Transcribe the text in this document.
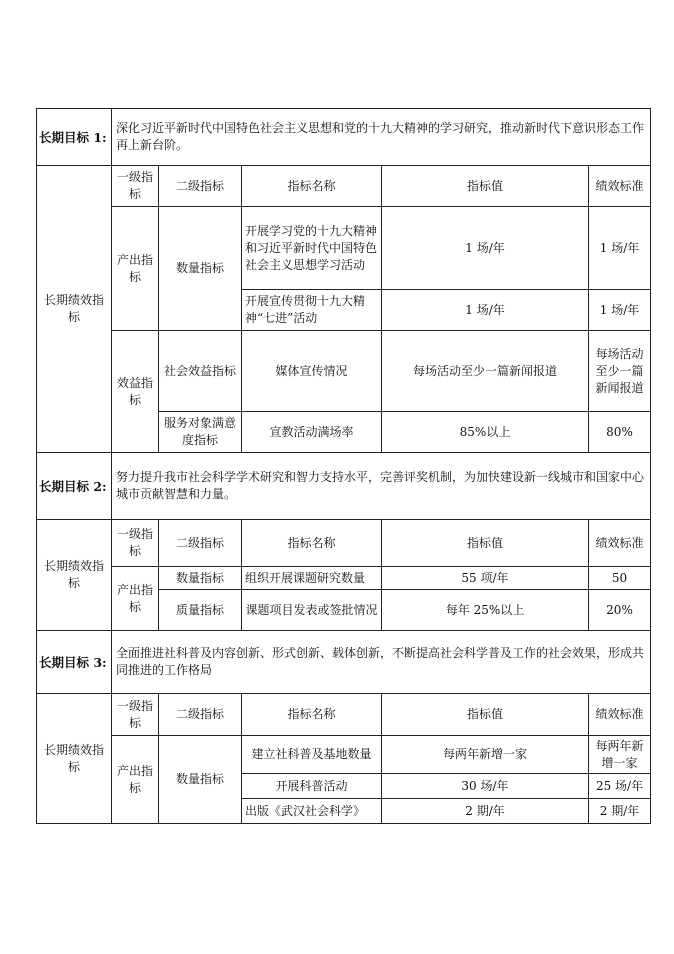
长期目标 1:	深化习近平新时代中国特色社会主义思想和党的十九大精神的学习研究，推动新时代下意识形态工作再上新台阶。				
长期绩效指标	一级指标	二级指标	指标名称	指标值	绩效标准
	产出指标	数量指标	开展学习党的十九大精神和习近平新时代中国特色社会主义思想学习活动	1 场/年	1 场/年
			开展宣传贯彻十九大精神“七进”活动	1 场/年	1 场/年
	效益指标	社会效益指标	媒体宣传情况	每场活动至少一篇新闻报道	每场活动至少一篇新闻报道
		服务对象满意度指标	宣教活动满场率	85%以上	80%

长期目标 2:	努力提升我市社会科学学术研究和智力支持水平，完善评奖机制，为加快建设新一线城市和国家中心城市贡献智慧和力量。				
长期绩效指标	一级指标	二级指标	指标名称	指标值	绩效标准
	产出指标	数量指标	组织开展课题研究数量	55 项/年	50
		质量指标	课题项目发表或签批情况	每年 25%以上	20%
长期目标 3:	全面推进社科普及内容创新、形式创新、载体创新，不断提高社会科学普及工作的社会效果，形成共同推进的工作格局				
长期绩效指标	一级指标	二级指标	指标名称	指标值	绩效标准
	产出指标	数量指标	建立社科普及基地数量	每两年新增一家	每两年新增一家
			开展科普活动	30 场/年	25 场/年
			出版《武汉社会科学》	2 期/年	2 期/年
